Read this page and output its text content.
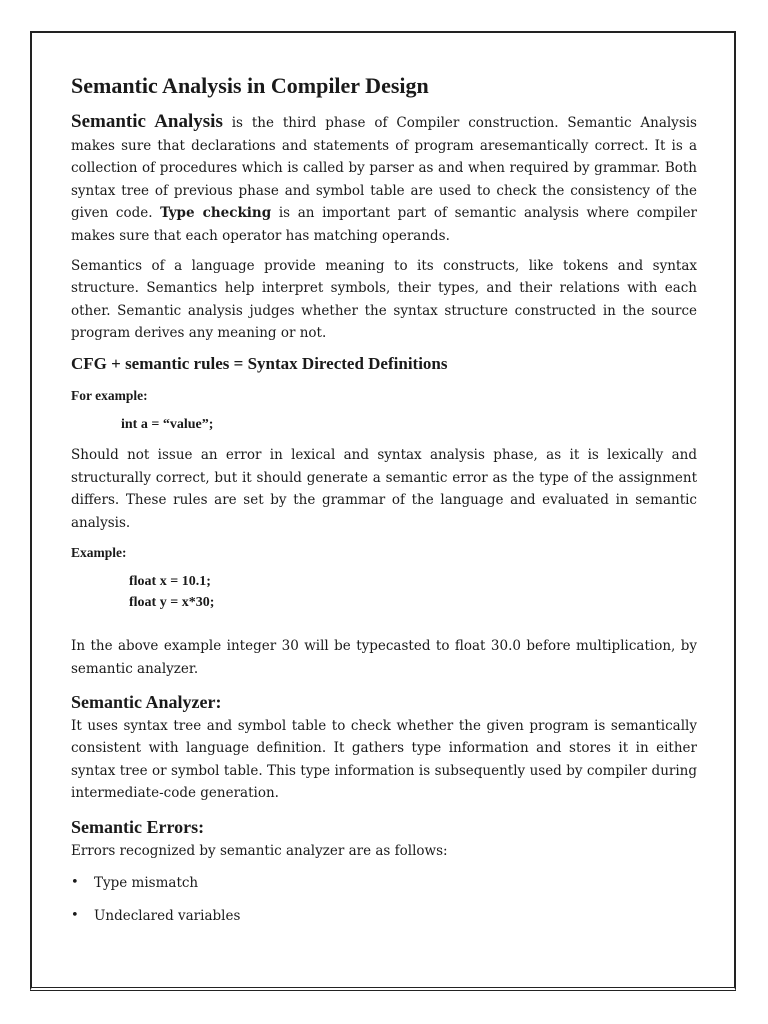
Semantic Analysis in Compiler Design

Semantic Analysis is the third phase of Compiler construction. Semantic Analysis makes sure that declarations and statements of program aresemantically correct. It is a collection of procedures which is called by parser as and when required by grammar. Both syntax tree of previous phase and symbol table are used to check the consistency of the given code. Type checking is an important part of semantic analysis where compiler makes sure that each operator has matching operands.

Semantics of a language provide meaning to its constructs, like tokens and syntax structure. Semantics help interpret symbols, their types, and their relations with each other. Semantic analysis judges whether the syntax structure constructed in the source program derives any meaning or not.

CFG + semantic rules = Syntax Directed Definitions
For example:
int a = “value”;

Should not issue an error in lexical and syntax analysis phase, as it is lexically and structurally correct, but it should generate a semantic error as the type of the assignment differs. These rules are set by the grammar of the language and evaluated in semantic analysis.

Example:
float x = 10.1;
float y = x*30;

In the above example integer 30 will be typecasted to float 30.0 before multiplication, by semantic analyzer.

Semantic Analyzer:

It uses syntax tree and symbol table to check whether the given program is semantically consistent with language definition. It gathers type information and stores it in either syntax tree or symbol table. This type information is subsequently used by compiler during intermediate-code generation.

Semantic Errors:

Errors recognized by semantic analyzer are as follows:

• Type mismatch
• Undeclared variables
